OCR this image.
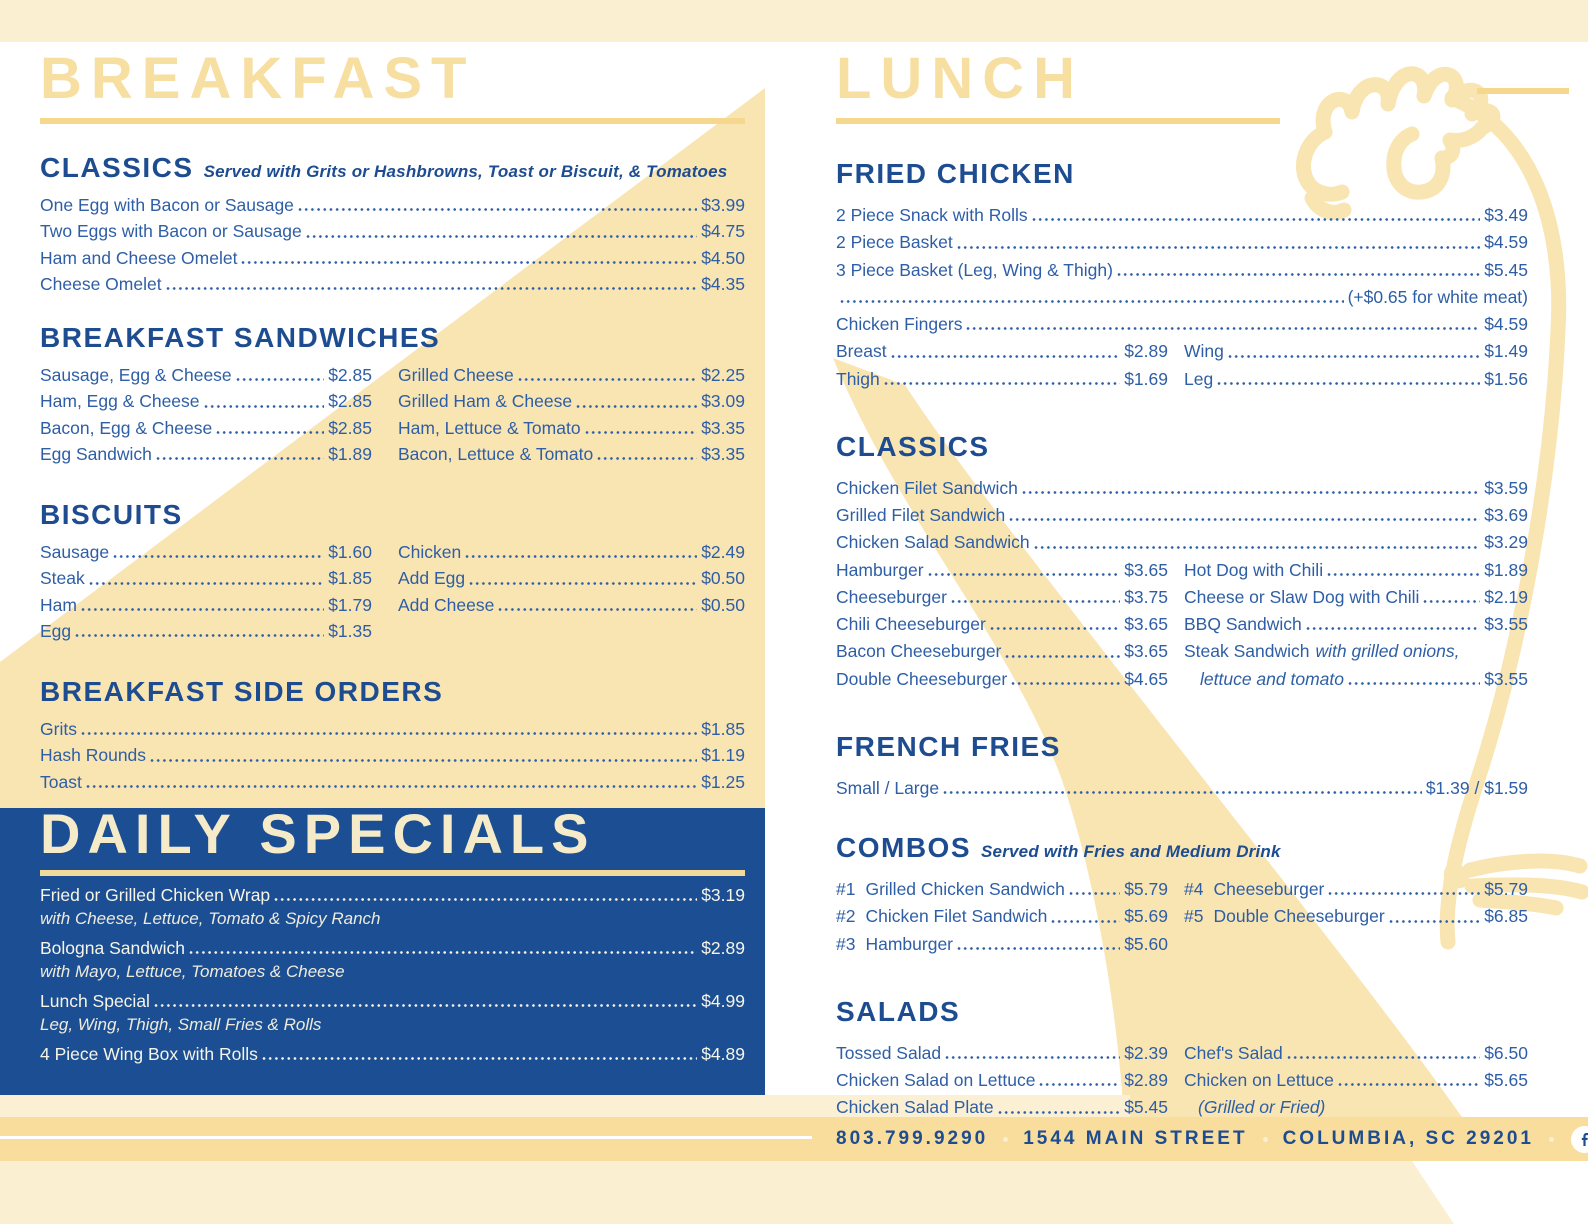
BREAKFAST
CLASSICS Served with Grits or Hashbrowns, Toast or Biscuit, & Tomatoes
One Egg with Bacon or Sausage	$3.99
Two Eggs with Bacon or Sausage	$4.75
Ham and Cheese Omelet	$4.50
Cheese Omelet	$4.35
BREAKFAST SANDWICHES
Sausage, Egg & Cheese	$2.85
Ham, Egg & Cheese	$2.85
Bacon, Egg & Cheese	$2.85
Egg Sandwich	$1.89
Grilled Cheese	$2.25
Grilled Ham & Cheese	$3.09
Ham, Lettuce & Tomato	$3.35
Bacon, Lettuce & Tomato	$3.35
BISCUITS
Sausage	$1.60
Steak	$1.85
Ham	$1.79
Egg	$1.35
Chicken	$2.49
Add Egg	$0.50
Add Cheese	$0.50
BREAKFAST SIDE ORDERS
Grits	$1.85
Hash Rounds	$1.19
Toast	$1.25
DAILY SPECIALS
Fried or Grilled Chicken Wrap	$3.19
with Cheese, Lettuce, Tomato & Spicy Ranch
Bologna Sandwich	$2.89
with Mayo, Lettuce, Tomatoes & Cheese
Lunch Special	$4.99
Leg, Wing, Thigh, Small Fries & Rolls
4 Piece Wing Box with Rolls	$4.89
LUNCH
FRIED CHICKEN
2 Piece Snack with Rolls	$3.49
2 Piece Basket	$4.59
3 Piece Basket (Leg, Wing & Thigh)	$5.45
(+$0.65 for white meat)
Chicken Fingers	$4.59
Breast	$2.89
Thigh	$1.69
Wing	$1.49
Leg	$1.56
CLASSICS
Chicken Filet Sandwich	$3.59
Grilled Filet Sandwich	$3.69
Chicken Salad Sandwich	$3.29
Hamburger	$3.65
Cheeseburger	$3.75
Chili Cheeseburger	$3.65
Bacon Cheeseburger	$3.65
Double Cheeseburger	$4.65
Hot Dog with Chili	$1.89
Cheese or Slaw Dog with Chili	$2.19
BBQ Sandwich	$3.55
Steak Sandwich with grilled onions,
lettuce and tomato	$3.55
FRENCH FRIES
Small / Large	$1.39 / $1.59
COMBOS Served with Fries and Medium Drink
#1 Grilled Chicken Sandwich	$5.79
#2 Chicken Filet Sandwich	$5.69
#3 Hamburger	$5.60
#4 Cheeseburger	$5.79
#5 Double Cheeseburger	$6.85
SALADS
Tossed Salad	$2.39
Chicken Salad on Lettuce	$2.89
Chicken Salad Plate	$5.45
Chef's Salad	$6.50
Chicken on Lettuce	$5.65
(Grilled or Fried)
803.799.9290 1544 MAIN STREET COLUMBIA, SC 29201
